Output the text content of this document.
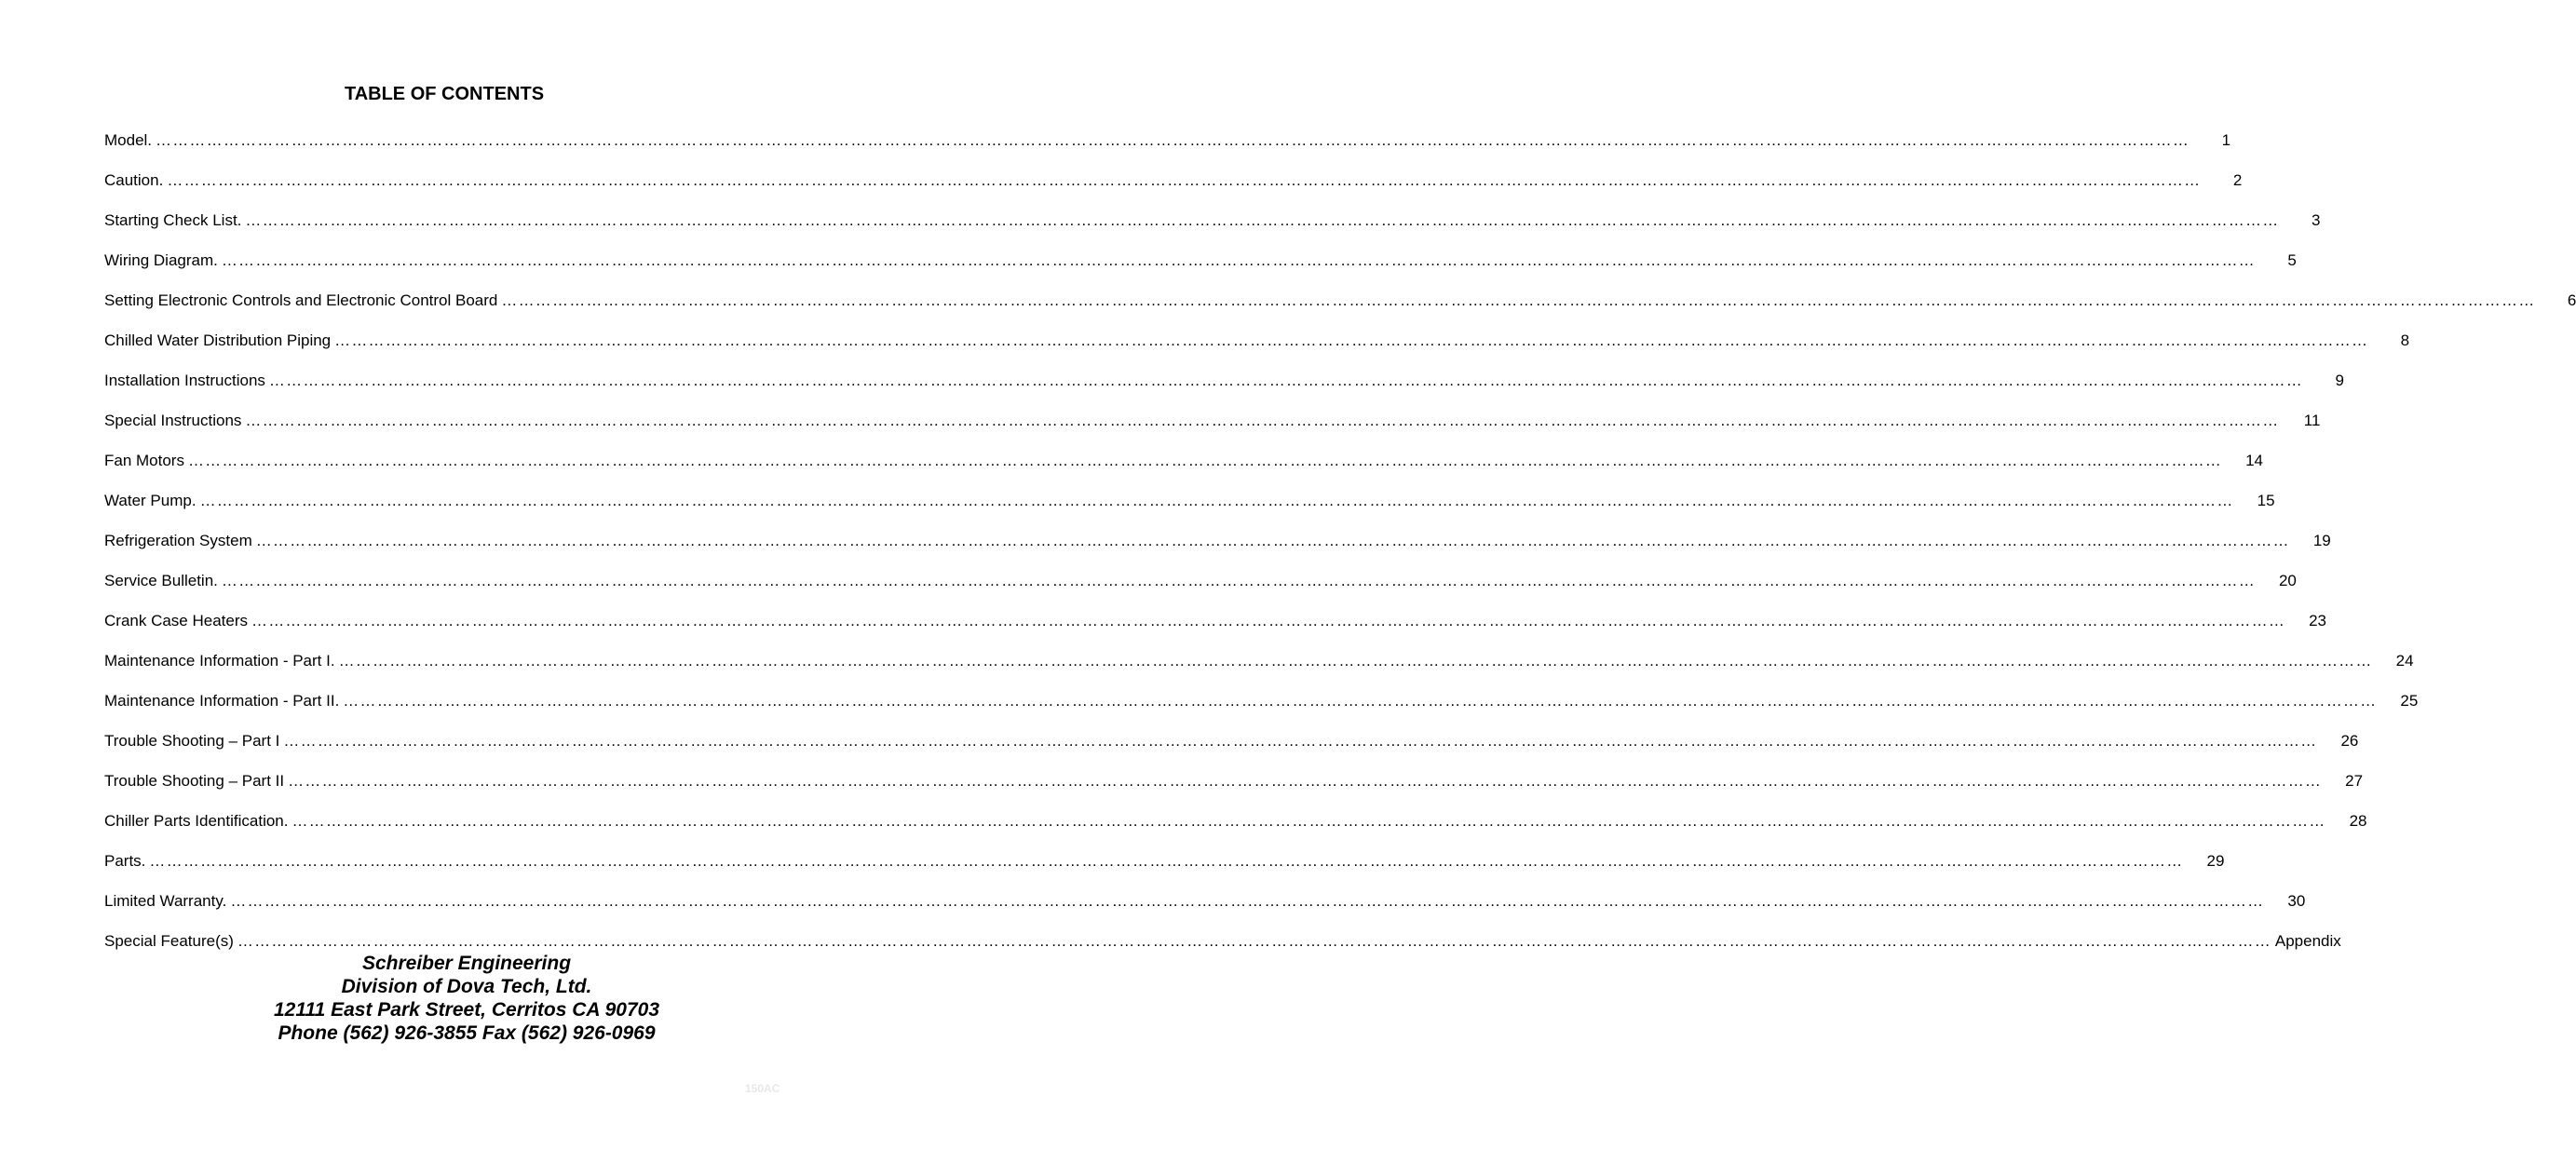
TABLE OF CONTENTS
Model. ………………………………………………………………………………………………………………………………………………………………………………………………………………………………………………………………………………………………………………………………	1
Caution. ………………………………………………………………………………………………………………………………………………………………………………………………………………………………………………………………………………………………………………………………	2
Starting Check List. ………………………………………………………………………………………………………………………………………………………………………………………………………………………………………………………………………………………………………………………………	3
Wiring Diagram. ………………………………………………………………………………………………………………………………………………………………………………………………………………………………………………………………………………………………………………………………	5
Setting Electronic Controls and Electronic Control Board ………………………………………………………………………………………………………………………………………………………………………………………………………………………………………………………………………………………………………………………………	6
Chilled Water Distribution Piping ………………………………………………………………………………………………………………………………………………………………………………………………………………………………………………………………………………………………………………………………	8
Installation Instructions ………………………………………………………………………………………………………………………………………………………………………………………………………………………………………………………………………………………………………………………………	9
Special Instructions ………………………………………………………………………………………………………………………………………………………………………………………………………………………………………………………………………………………………………………………………	11
Fan Motors ………………………………………………………………………………………………………………………………………………………………………………………………………………………………………………………………………………………………………………………………	14
Water Pump. ………………………………………………………………………………………………………………………………………………………………………………………………………………………………………………………………………………………………………………………………	15
Refrigeration System ………………………………………………………………………………………………………………………………………………………………………………………………………………………………………………………………………………………………………………………………	19
Service Bulletin. ………………………………………………………………………………………………………………………………………………………………………………………………………………………………………………………………………………………………………………………………	20
Crank Case Heaters ………………………………………………………………………………………………………………………………………………………………………………………………………………………………………………………………………………………………………………………………	23
Maintenance Information - Part I. ………………………………………………………………………………………………………………………………………………………………………………………………………………………………………………………………………………………………………………………………	24
Maintenance Information - Part II. ………………………………………………………………………………………………………………………………………………………………………………………………………………………………………………………………………………………………………………………………	25
Trouble Shooting – Part I ………………………………………………………………………………………………………………………………………………………………………………………………………………………………………………………………………………………………………………………………	26
Trouble Shooting – Part II ………………………………………………………………………………………………………………………………………………………………………………………………………………………………………………………………………………………………………………………………	27
Chiller Parts Identification. ………………………………………………………………………………………………………………………………………………………………………………………………………………………………………………………………………………………………………………………………	28
Parts. ………………………………………………………………………………………………………………………………………………………………………………………………………………………………………………………………………………………………………………………………	29
Limited Warranty. ………………………………………………………………………………………………………………………………………………………………………………………………………………………………………………………………………………………………………………………………	30
Special Feature(s) ……………………………………………………………………………………………………………………………………………………………………………………………………………………………………………………………………………………………………………………………… Appendix
Schreiber Engineering
Division of Dova Tech, Ltd.
12111 East Park Street, Cerritos CA 90703
Phone (562) 926-3855 Fax (562) 926-0969
150AC
